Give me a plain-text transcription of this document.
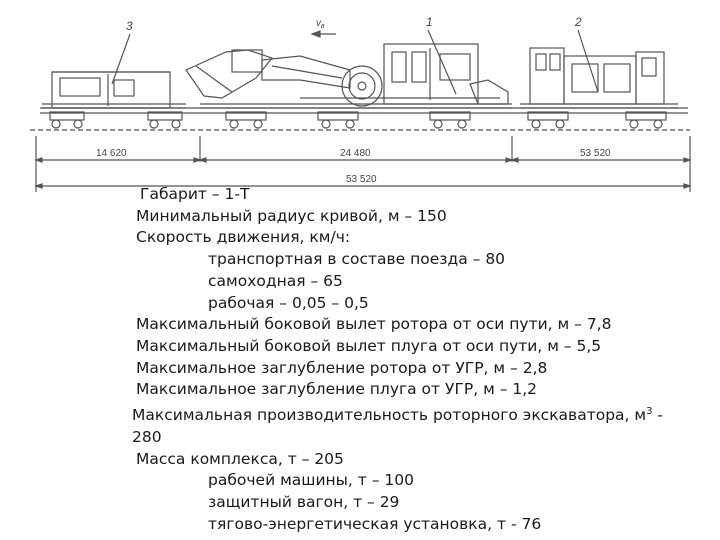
3	1	2
$v_в$
14 620	24 480	53 520
53 520
Габарит – 1-Т
Минимальный радиус кривой, м – 150
Скорость движения, км/ч:
транспортная в составе поезда – 80
самоходная – 65
рабочая – 0,05 – 0,5
Максимальный боковой вылет ротора от оси пути, м – 7,8
Максимальный боковой вылет плуга от оси пути, м – 5,5
Максимальное заглубление ротора от УГР, м – 2,8
Максимальное заглубление плуга от УГР, м – 1,2
Максимальная производительность роторного экскаватора, $м^3 - 280$
Масса комплекса, т – 205
рабочей машины, т – 100
защитный вагон, т – 29
тягово-энергетическая установка, т - 76
